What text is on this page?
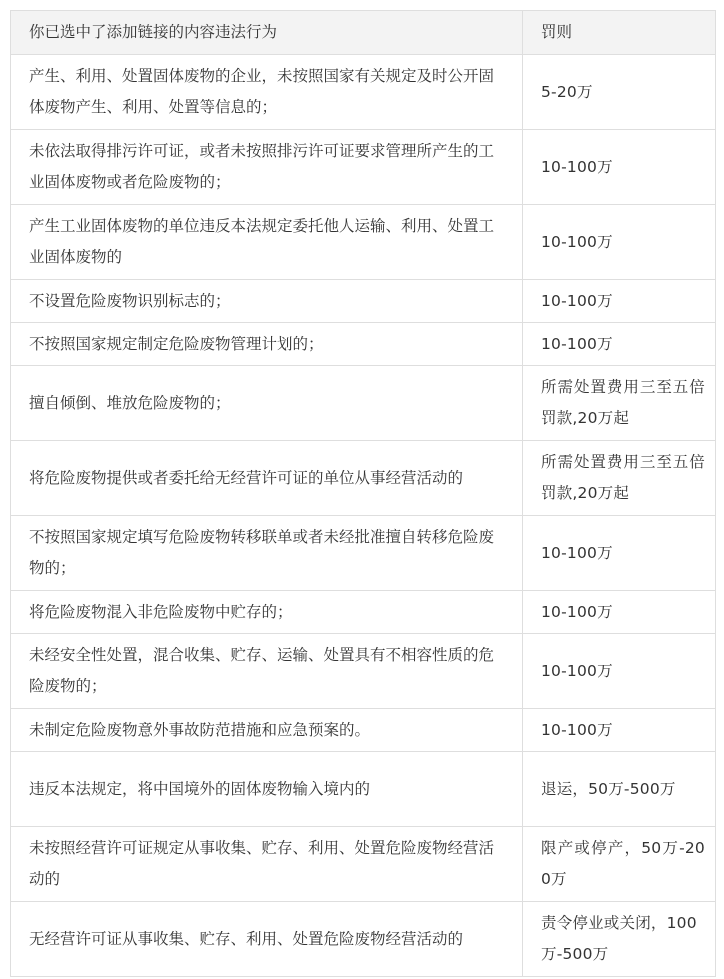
你已选中了添加链接的内容违法行为	罚则
产生、利用、处置固体废物的企业，未按照国家有关规定及时公开固体废物产生、利用、处置等信息的；	5-20万
未依法取得排污许可证，或者未按照排污许可证要求管理所产生的工业固体废物或者危险废物的；	10-100万
产生工业固体废物的单位违反本法规定委托他人运输、利用、处置工业固体废物的	10-100万
不设置危险废物识别标志的；	10-100万
不按照国家规定制定危险废物管理计划的；	10-100万
擅自倾倒、堆放危险废物的；	所需处置费用三至五倍罚款,20万起
将危险废物提供或者委托给无经营许可证的单位从事经营活动的	所需处置费用三至五倍罚款,20万起
不按照国家规定填写危险废物转移联单或者未经批准擅自转移危险废物的；	10-100万
将危险废物混入非危险废物中贮存的；	10-100万
未经安全性处置，混合收集、贮存、运输、处置具有不相容性质的危险废物的；	10-100万
未制定危险废物意外事故防范措施和应急预案的。	10-100万
违反本法规定，将中国境外的固体废物输入境内的	退运，50万-500万
未按照经营许可证规定从事收集、贮存、利用、处置危险废物经营活动的	限产或停产，50万-200万
无经营许可证从事收集、贮存、利用、处置危险废物经营活动的	责令停业或关闭，100万-500万
